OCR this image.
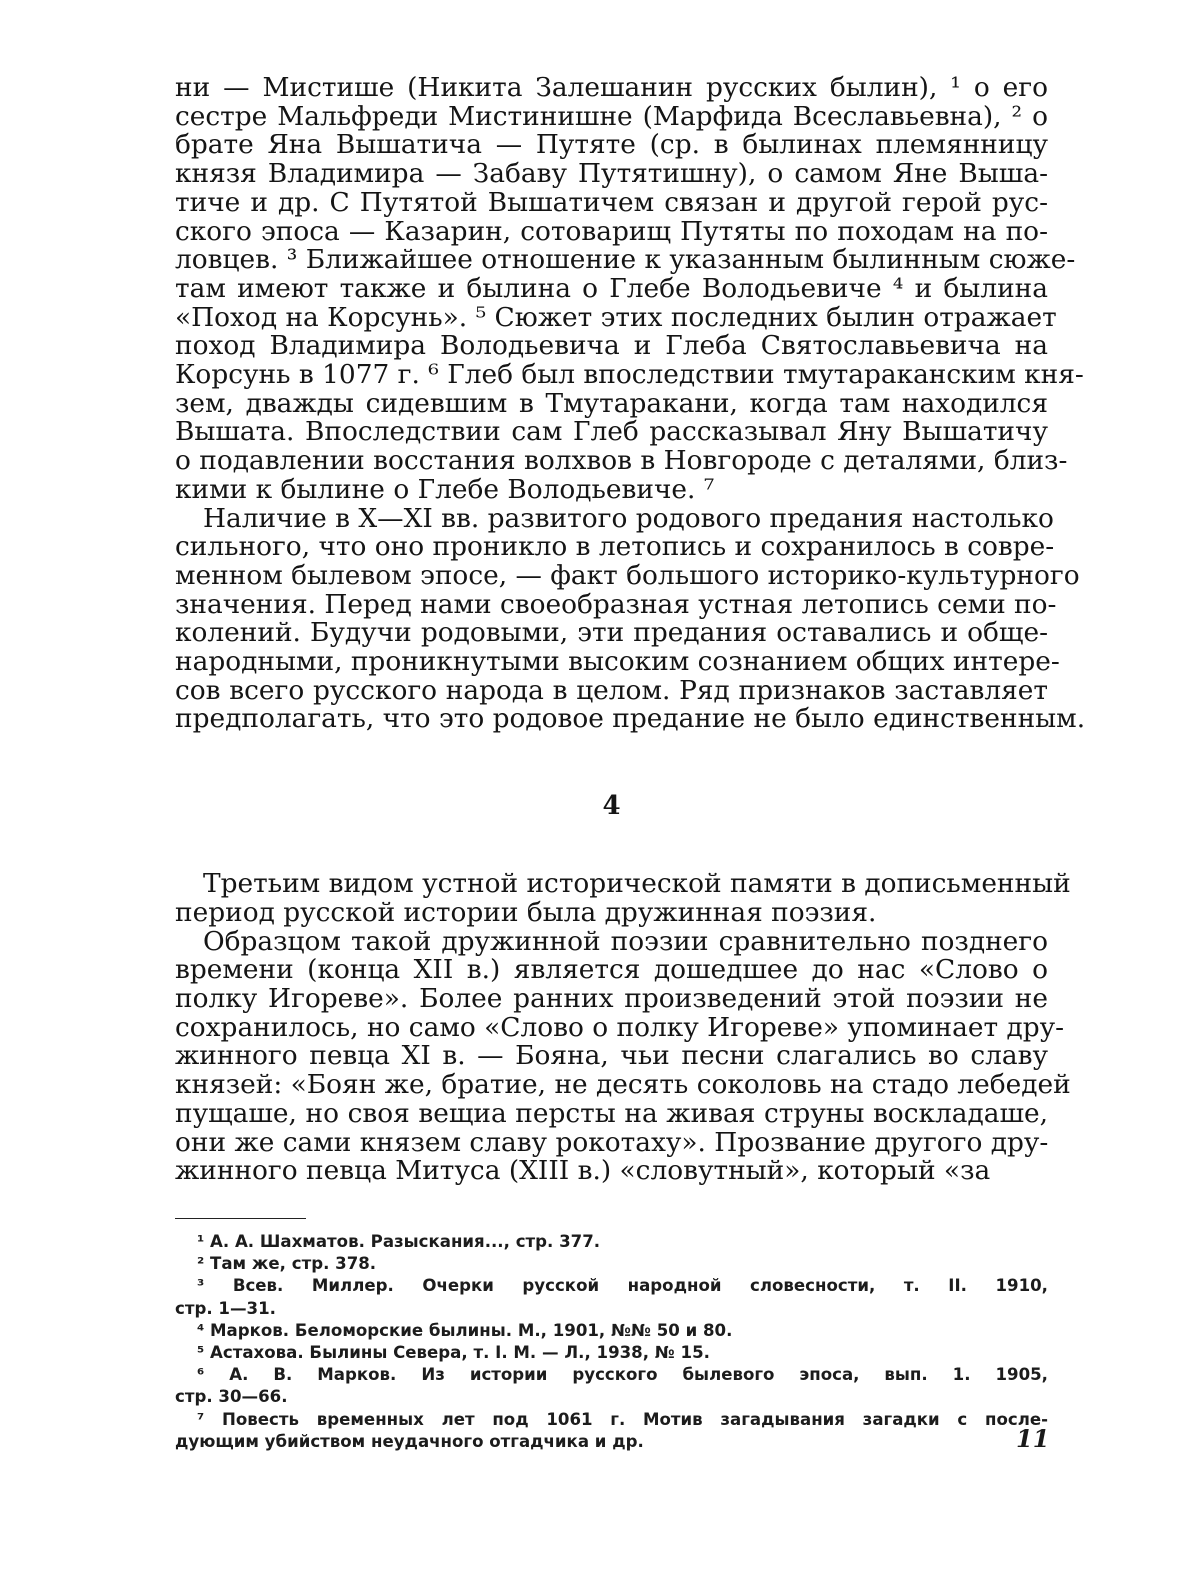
ни — Мистише (Никита Залешанин русских былин), ¹ о его
сестре Мальфреди Мистинишне (Марфида Всеславьевна), ² о
брате Яна Вышатича — Путяте (ср. в былинах племянницу
князя Владимира — Забаву Путятишну), о самом Яне Выша-
тиче и др. С Путятой Вышатичем связан и другой герой рус-
ского эпоса — Казарин, сотоварищ Путяты по походам на по-
ловцев. ³ Ближайшее отношение к указанным былинным сюже-
там имеют также и былина о Глебе Володьевиче ⁴ и былина
«Поход на Корсунь». ⁵ Сюжет этих последних былин отражает
поход Владимира Володьевича и Глеба Святославьевича на
Корсунь в 1077 г. ⁶ Глеб был впоследствии тмутараканским кня-
зем, дважды сидевшим в Тмутаракани, когда там находился
Вышата. Впоследствии сам Глеб рассказывал Яну Вышатичу
о подавлении восстания волхвов в Новгороде с деталями, близ-
кими к былине о Глебе Володьевиче. ⁷
Наличие в X—XI вв. развитого родового предания настолько
сильного, что оно проникло в летопись и сохранилось в совре-
менном былевом эпосе, — факт большого историко-культурного
значения. Перед нами своеобразная устная летопись семи по-
колений. Будучи родовыми, эти предания оставались и обще-
народными, проникнутыми высоким сознанием общих интере-
сов всего русского народа в целом. Ряд признаков заставляет
предполагать, что это родовое предание не было единственным.
4
Третьим видом устной исторической памяти в дописьменный
период русской истории была дружинная поэзия.
Образцом такой дружинной поэзии сравнительно позднего
времени (конца XII в.) является дошедшее до нас «Слово о
полку Игореве». Более ранних произведений этой поэзии не
сохранилось, но само «Слово о полку Игореве» упоминает дру-
жинного певца XI в. — Бояна, чьи песни слагались во славу
князей: «Боян же, братие, не десять соколовь на стадо лебедей
пущаше, но своя вещиа персты на живая струны воскладаше,
они же сами князем славу рокотаху». Прозвание другого дру-
жинного певца Митуса (XIII в.) «словутный», который «за
¹ А. А. Шахматов. Разыскания..., стр. 377.
² Там же, стр. 378.
³ Всев. Миллер. Очерки русской народной словесности, т. II. 1910,
стр. 1—31.
⁴ Марков. Беломорские былины. М., 1901, №№ 50 и 80.
⁵ Астахова. Былины Севера, т. I. М. — Л., 1938, № 15.
⁶ А. В. Марков. Из истории русского былевого эпоса, вып. 1. 1905,
стр. 30—66.
⁷ Повесть временных лет под 1061 г. Мотив загадывания загадки с после-
дующим убийством неудачного отгадчика и др.	11
